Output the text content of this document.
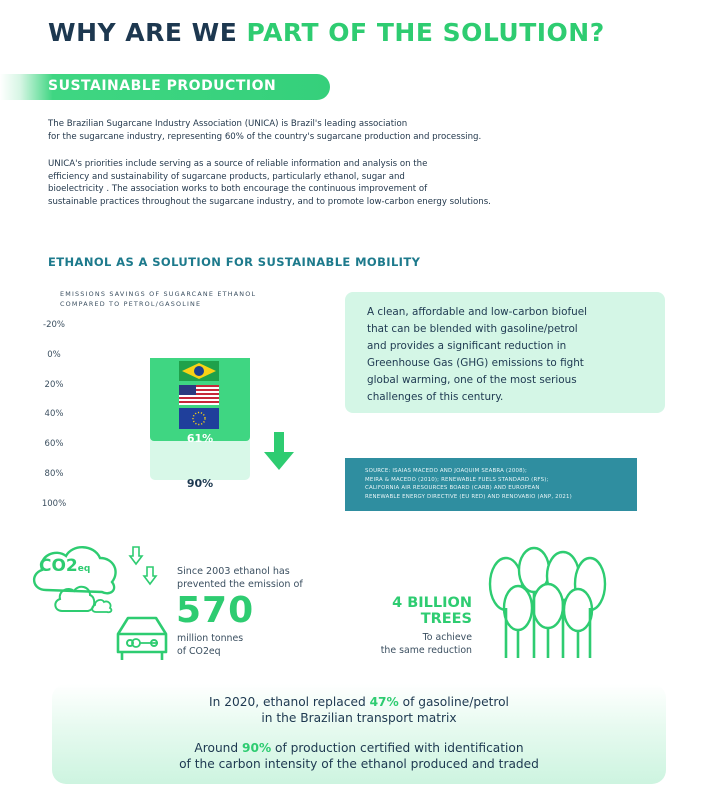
WHY ARE WE PART OF THE SOLUTION?
SUSTAINABLE PRODUCTION
The Brazilian Sugarcane Industry Association (UNICA) is Brazil's leading association
for the sugarcane industry, representing 60% of the country's sugarcane production and processing.
UNICA's priorities include serving as a source of reliable information and analysis on the
efficiency and sustainability of sugarcane products, particularly ethanol, sugar and
bioelectricity . The association works to both encourage the continuous improvement of
sustainable practices throughout the sugarcane industry, and to promote low-carbon energy solutions.
ETHANOL AS A SOLUTION FOR SUSTAINABLE MOBILITY
EMISSIONS SAVINGS OF SUGARCANE ETHANOL
COMPARED TO PETROL/GASOLINE
-20%
0%
20%
40%
60%
80%
100%
61%
90%

A clean, affordable and low-carbon biofuel
that can be blended with gasoline/petrol
and provides a significant reduction in
Greenhouse Gas (GHG) emissions to fight
global warming, one of the most serious
challenges of this century.

SOURCE: ISAIAS MACEDO AND JOAQUIM SEABRA (2008);
MEIRA & MACEDO (2010); RENEWABLE FUELS STANDARD (RFS);
CALIFORNIA AIR RESOURCES BOARD (CARB) AND EUROPEAN
RENEWABLE ENERGY DIRECTIVE (EU RED) AND RENOVABIO (ANP, 2021)

CO2eq	Since 2003 ethanol has
prevented the emission of
570
million tonnes
of CO2eq
4 BILLION
TREES
To achieve
the same reduction

In 2020, ethanol replaced 47% of gasoline/petrol
in the Brazilian transport matrix

Around 90% of production certified with identification
of the carbon intensity of the ethanol produced and traded
